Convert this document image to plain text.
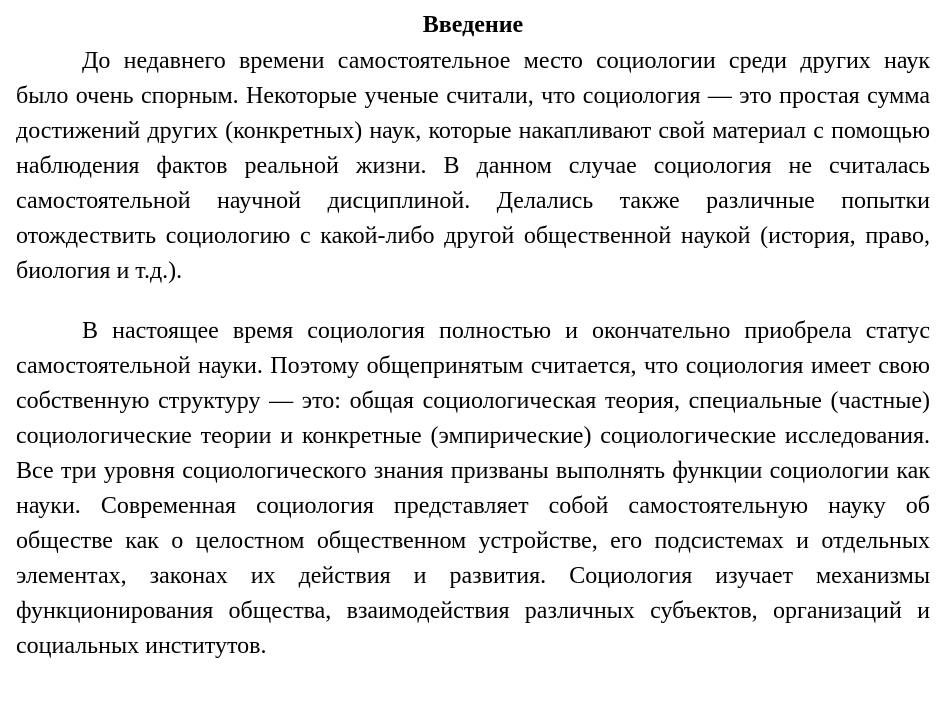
Введение

До недавнего времени самостоятельное место социологии среди других наук было очень спорным. Некоторые ученые считали, что социология — это простая сумма достижений других (конкретных) наук, которые накапливают свой материал с помощью наблюдения фактов реальной жизни. В данном случае социология не считалась самостоятельной научной дисциплиной. Делались также различные попытки отождествить социологию с какой-либо другой общественной наукой (история, право, биология и т.д.).

В настоящее время социология полностью и окончательно приобрела статус самостоятельной науки. Поэтому общепринятым считается, что социология имеет свою собственную структуру — это: общая социологическая теория, специальные (частные) социологические теории и конкретные (эмпирические) социологические исследования. Все три уровня социологического знания призваны выполнять функции социологии как науки. Современная социология представляет собой самостоятельную науку об обществе как о целостном общественном устройстве, его подсистемах и отдельных элементах, законах их действия и развития. Социология изучает механизмы функционирования общества, взаимодействия различных субъектов, организаций и социальных институтов.
